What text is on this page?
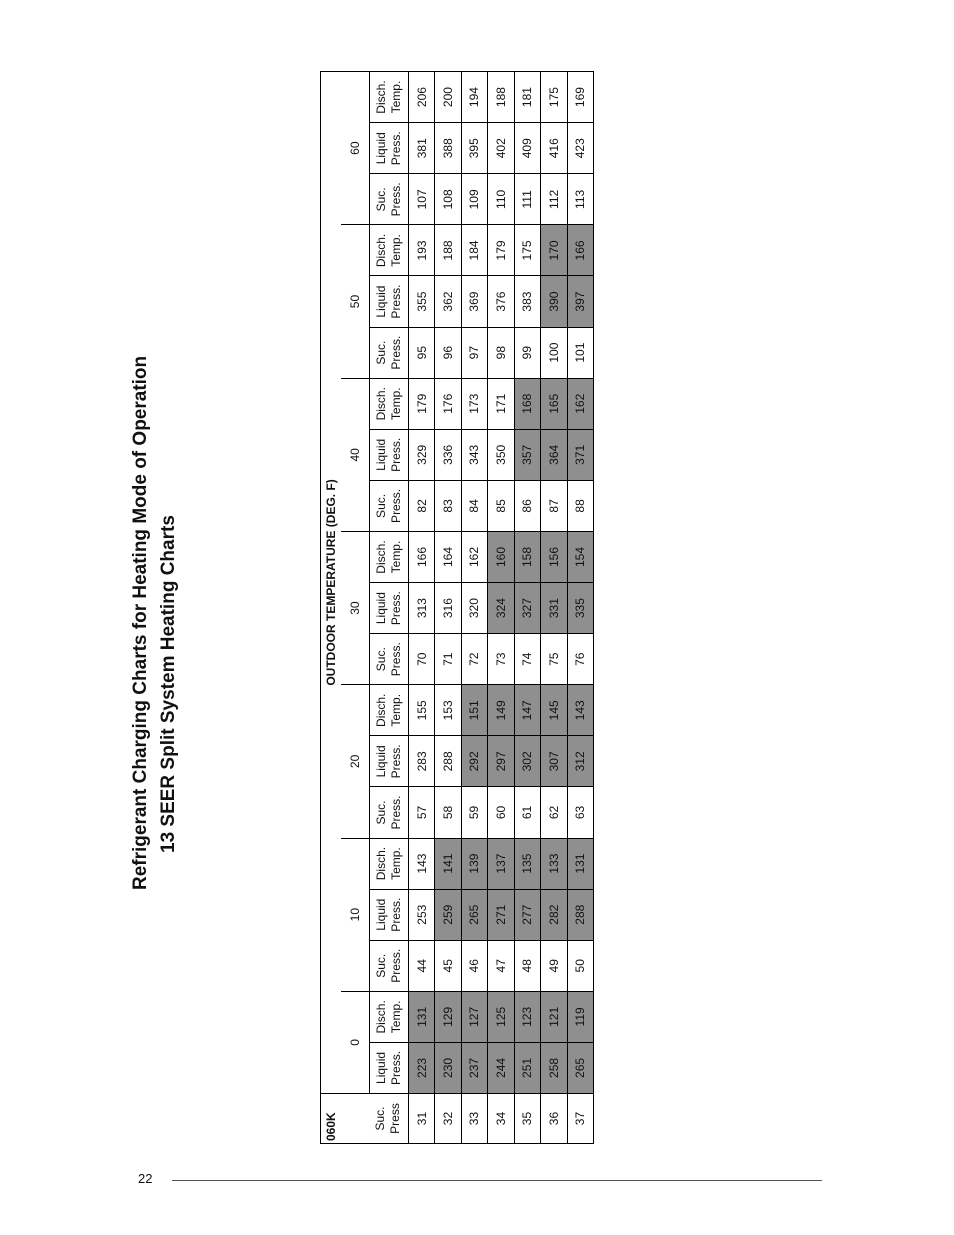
Refrigerant Charging Charts for Heating Mode of Operation 13 SEER Split System Heating Charts
060K	OUTDOOR TEMPERATURE (DEG. F)																			
	0		10			20			30			40			50			60		
Suc. Press	Liquid Press.	Disch. Temp.	Suc. Press.	Liquid Press.	Disch. Temp.	Suc. Press.	Liquid Press.	Disch. Temp.	Suc. Press.	Liquid Press.	Disch. Temp.	Suc. Press.	Liquid Press.	Disch. Temp.	Suc. Press.	Liquid Press.	Disch. Temp.	Suc. Press.	Liquid Press.	Disch. Temp.
31	223	131	44	253	143	57	283	155	70	313	166	82	329	179	95	355	193	107	381	206
32	230	129	45	259	141	58	288	153	71	316	164	83	336	176	96	362	188	108	388	200
33	237	127	46	265	139	59	292	151	72	320	162	84	343	173	97	369	184	109	395	194
34	244	125	47	271	137	60	297	149	73	324	160	85	350	171	98	376	179	110	402	188
35	251	123	48	277	135	61	302	147	74	327	158	86	357	168	99	383	175	111	409	181
36	258	121	49	282	133	62	307	145	75	331	156	87	364	165	100	390	170	112	416	175
37	265	119	50	288	131	63	312	143	76	335	154	88	371	162	101	397	166	113	423	169
22
